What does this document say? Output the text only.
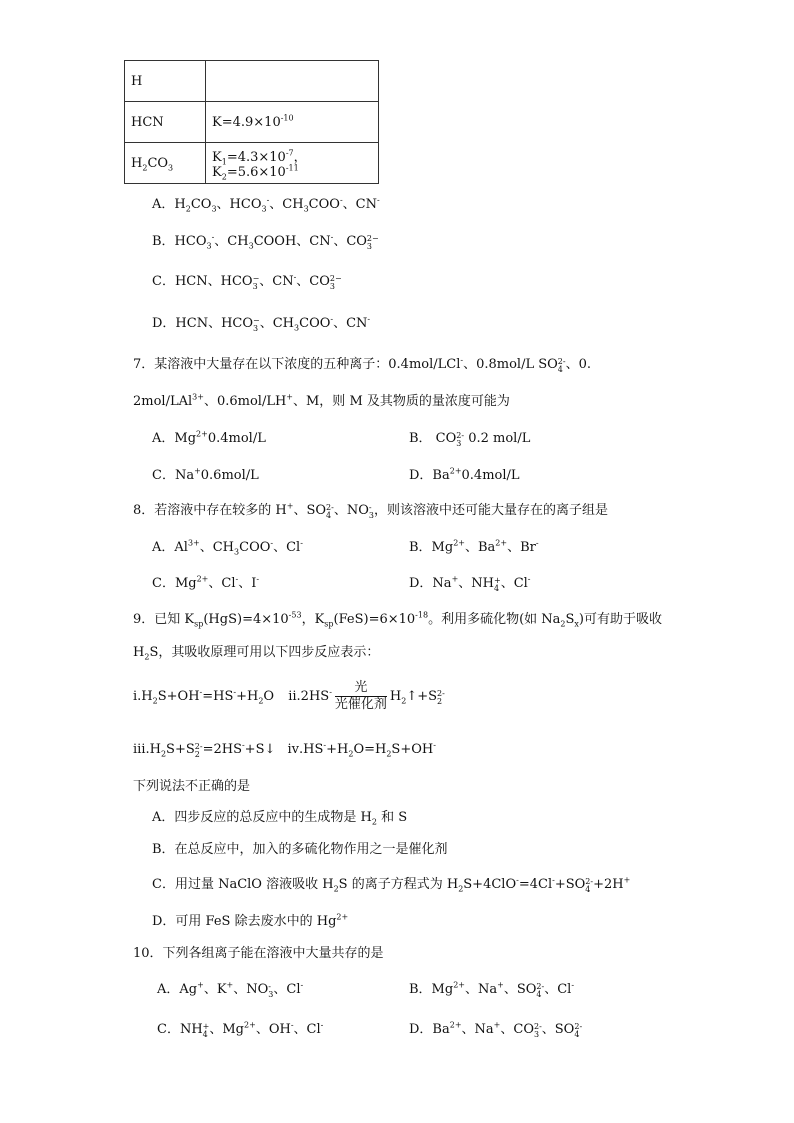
H	
HCN	$K=4.9\times 10^{-10}$
$H_2CO_3$	$K_1=4.3\times 10^{-7}$，$K_2=5.6\times 10^{-11}$
A．$H_2CO_3$、$HCO_3^-$、$CH_3COO^-$、CN-
B．$HCO_3^-$、$CH_3COOH$、CN-、CO 2−
3
C．HCN、HCO −
3 、CN-、CO 2−
3
D．HCN、HCO −
3 、$CH_3COO^-$、CN-
7．某溶液中大量存在以下浓度的五种离子：0.4mol/LCl-、0.8mol/L SO 2-
4 、0.
2mol/LAl$^{3+}$、0.6mol/LH+、M，则 M 及其物质的量浓度可能为
A．$Mg^{2+}0.4mol/L$	B． CO 2-
3 0.2 mol/L
C．Na+0.6mol/L	D．$Ba^{2+}0.4mol/L$
8．若溶液中存在较多的 H+、SO 2-
4 、NO -
3 ，则该溶液中还可能大量存在的离子组是
A．$Al^{3+}$、$CH_3COO^-$、Cl-	B．$Mg^{2+}$、$Ba^{2+}$、Br-
C．$Mg^{2+}$、Cl-、I-	D．Na+、NH +
4 、Cl-
9．已知 $K_{sp}(HgS)=4\times 10^{-53}$，$K_{sp}(FeS)=6\times 10^{-18}$。利用多硫化物(如 $Na_2S_x$)可有助于吸收
$H_2S$，其吸收原理可用以下四步反应表示：
$ⅰ.H_2S+OH^-=HS^-+H_2O$ ⅱ.2HS- $\frac{\text{光}}{\text{光催化剂}}$ $H_2↑+S$ 2-
2
$ⅲ.H_2S+S$ 2-
2 =2HS-+S↓ $ⅳ.HS^-+H_2O=H_2S+OH^-$
下列说法不正确的是
A．四步反应的总反应中的生成物是 $H_2$ 和 S
B．在总反应中，加入的多硫化物作用之一是催化剂
C．用过量 NaClO 溶液吸收 $H_2S$ 的离子方程式为 $H_2S+4ClO^-=4Cl^-+SO$ 2-
4 +2H+
D．可用 FeS 除去废水中的 $Hg^{2+}$
10．下列各组离子能在溶液中大量共存的是
A．Ag+、K+、NO -
3 、Cl-	B．$Mg^{2+}$、Na+、SO 2-
4 、Cl-
C．NH +
4 、$Mg^{2+}$、OH-、Cl-	D．$Ba^{2+}$、Na+、CO 2-
3 、SO 2-
4
